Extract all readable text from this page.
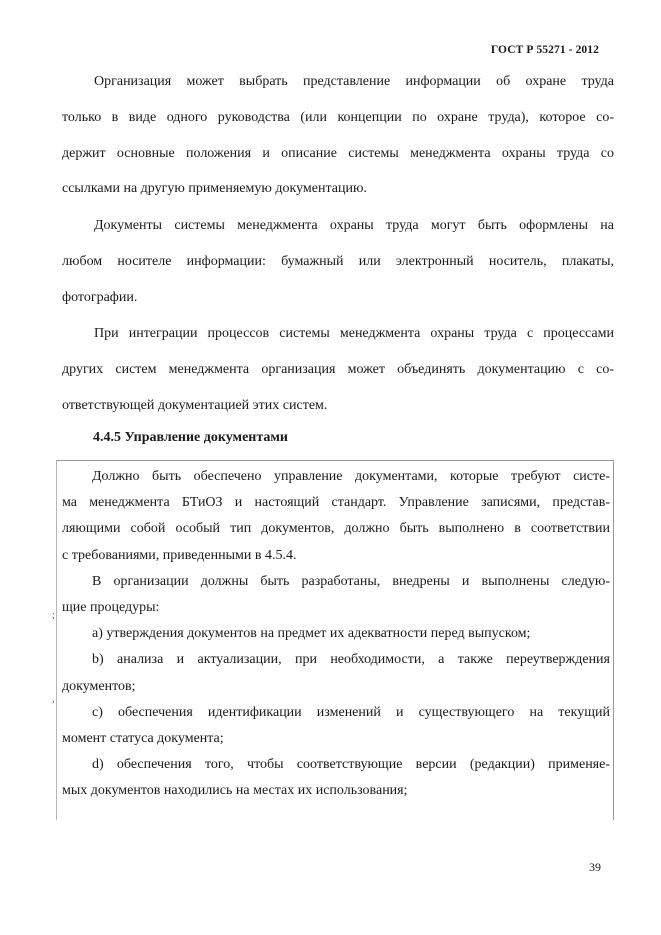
ГОСТ Р 55271 - 2012
Организация может выбрать представление информации об охране труда
только в виде одного руководства (или концепции по охране труда), которое со-
держит основные положения и описание системы менеджмента охраны труда со
ссылками на другую применяемую документацию.
Документы системы менеджмента охраны труда могут быть оформлены на
любом носителе информации: бумажный или электронный носитель, плакаты,
фотографии.
При интеграции процессов системы менеджмента охраны труда с процессами
других систем менеджмента организация может объединять документацию с со-
ответствующей документацией этих систем.
4.4.5 Управление документами
;
,
Должно быть обеспечено управление документами, которые требуют систе-
ма менеджмента БТиОЗ и настоящий стандарт. Управление записями, представ-
ляющими собой особый тип документов, должно быть выполнено в соответствии
с требованиями, приведенными в 4.5.4.
В организации должны быть разработаны, внедрены и выполнены следую-
щие процедуры:
а) утверждения документов на предмет их адекватности перед выпуском;
b) анализа и актуализации, при необходимости, а также переутверждения
документов;
с) обеспечения идентификации изменений и существующего на текущий
момент статуса документа;
d) обеспечения того, чтобы соответствующие версии (редакции) применяе-
мых документов находились на местах их использования;
39
